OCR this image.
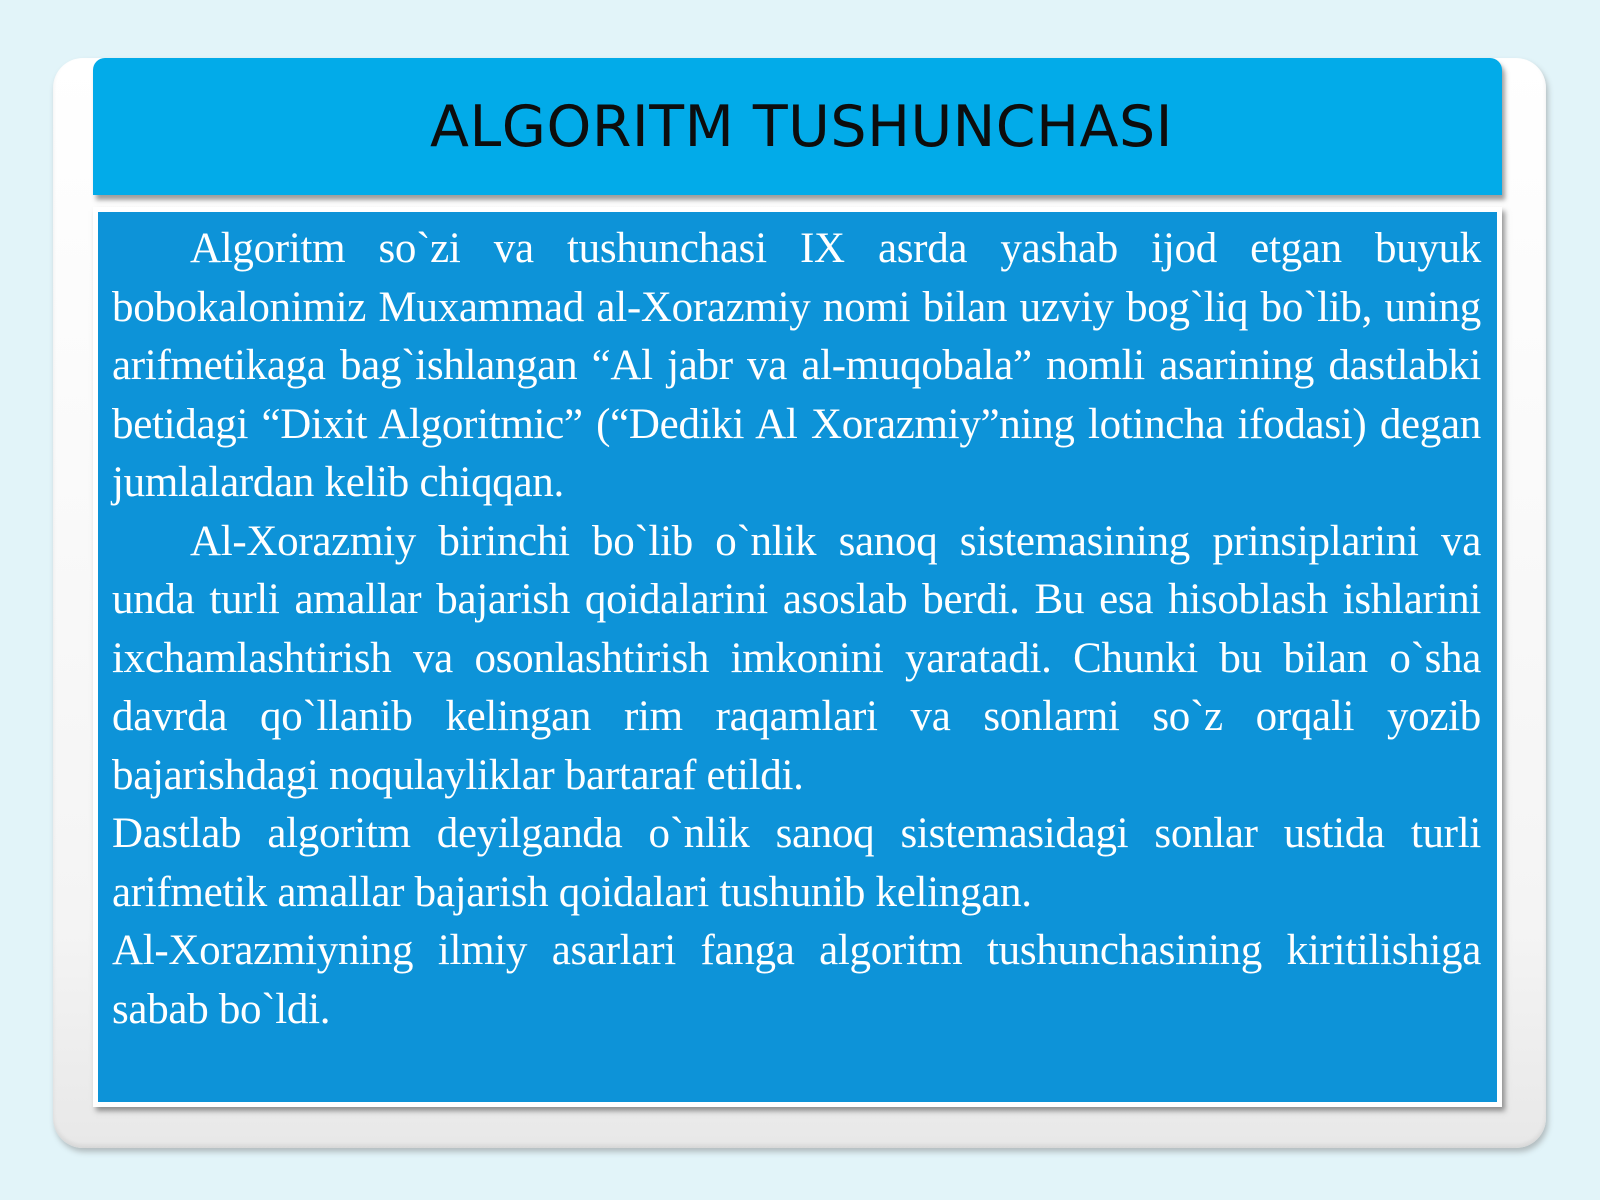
ALGORITM TUSHUNCHASI

Algoritm so`zi va tushunchasi IX asrda yashab ijod etgan buyuk bobokalonimiz Muxammad al-Xorazmiy nomi bilan uzviy bog`liq bo`lib, uning arifmetikaga bag`ishlangan “Al jabr va al-muqobala” nomli asarining dastlabki betidagi “Dixit Algoritmic” (“Dediki Al Xorazmiy”ning lotincha ifodasi) degan jumlalardan kelib chiqqan.

Al-Xorazmiy birinchi bo`lib o`nlik sanoq sistemasining prinsiplarini va unda turli amallar bajarish qoidalarini asoslab berdi. Bu esa hisoblash ishlarini ixchamlashtirish va osonlashtirish imkonini yaratadi. Chunki bu bilan o`sha davrda qo`llanib kelingan rim raqamlari va sonlarni so`z orqali yozib bajarishdagi noqulayliklar bartaraf etildi.

Dastlab algoritm deyilganda o`nlik sanoq sistemasidagi sonlar ustida turli arifmetik amallar bajarish qoidalari tushunib kelingan.

Al-Xorazmiyning ilmiy asarlari fanga algoritm tushunchasining kiritilishiga sabab bo`ldi.
